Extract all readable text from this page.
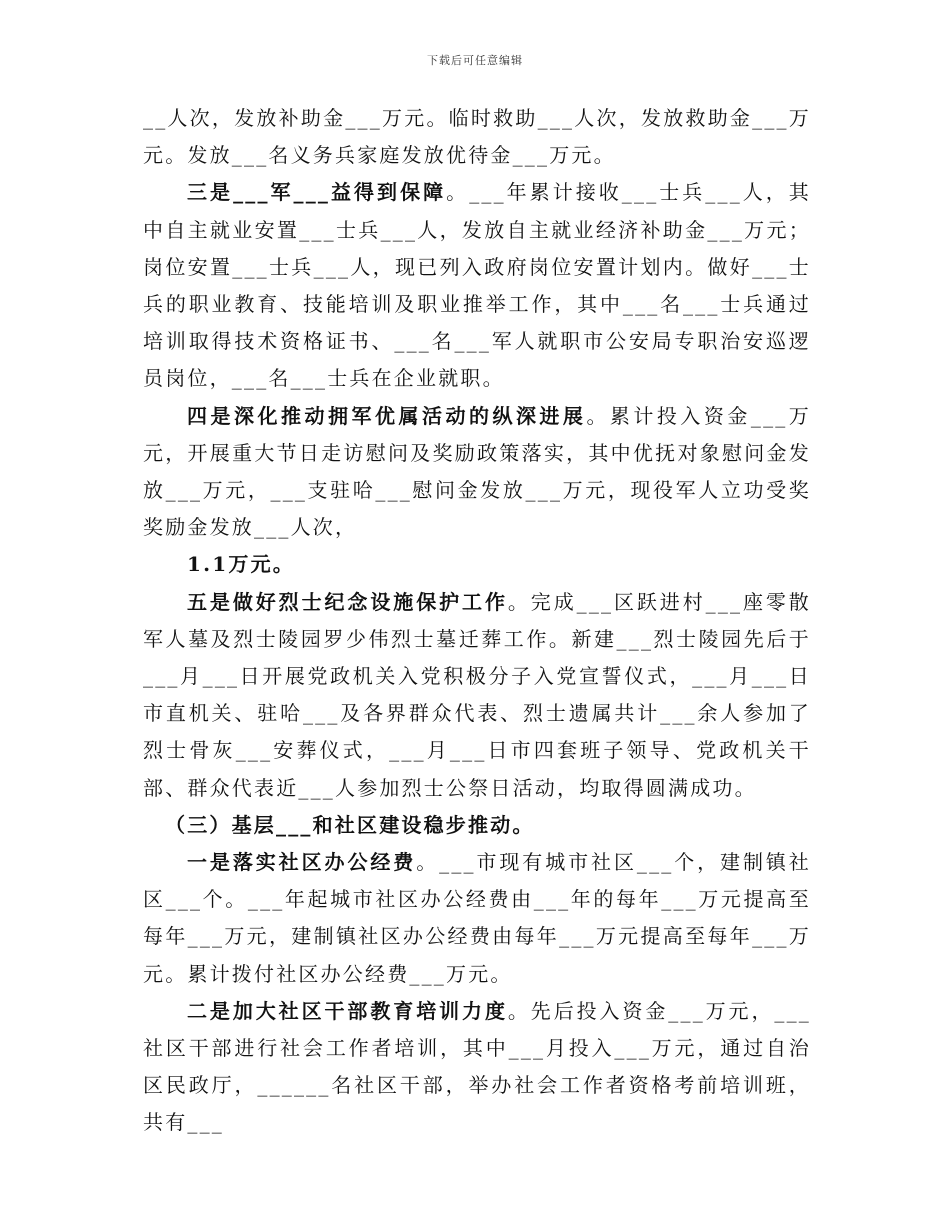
下载后可任意编辑

__人次，发放补助金___万元。临时救助___人次，发放救助金___万元。发放___名义务兵家庭发放优待金___万元。

三是___军___益得到保障。___年累计接收___士兵___人，其中自主就业安置___士兵___人，发放自主就业经济补助金___万元；岗位安置___士兵___人，现已列入政府岗位安置计划内。做好___士兵的职业教育、技能培训及职业推举工作，其中___名___士兵通过培训取得技术资格证书、___名___军人就职市公安局专职治安巡逻员岗位，___名___士兵在企业就职。

四是深化推动拥军优属活动的纵深进展。累计投入资金___万元，开展重大节日走访慰问及奖励政策落实，其中优抚对象慰问金发放___万元，___支驻哈___慰问金发放___万元，现役军人立功受奖奖励金发放___人次，

1.1万元。

五是做好烈士纪念设施保护工作。完成___区跃进村___座零散军人墓及烈士陵园罗少伟烈士墓迁葬工作。新建___烈士陵园先后于___月___日开展党政机关入党积极分子入党宣誓仪式，___月___日市直机关、驻哈___及各界群众代表、烈士遗属共计___余人参加了烈士骨灰___安葬仪式，___月___日市四套班子领导、党政机关干部、群众代表近___人参加烈士公祭日活动，均取得圆满成功。

（三）基层___和社区建设稳步推动。

一是落实社区办公经费。___市现有城市社区___个，建制镇社区___个。___年起城市社区办公经费由___年的每年___万元提高至每年___万元，建制镇社区办公经费由每年___万元提高至每年___万元。累计拨付社区办公经费___万元。

二是加大社区干部教育培训力度。先后投入资金___万元，___社区干部进行社会工作者培训，其中___月投入___万元，通过自治区民政厅，______名社区干部，举办社会工作者资格考前培训班，共有___
